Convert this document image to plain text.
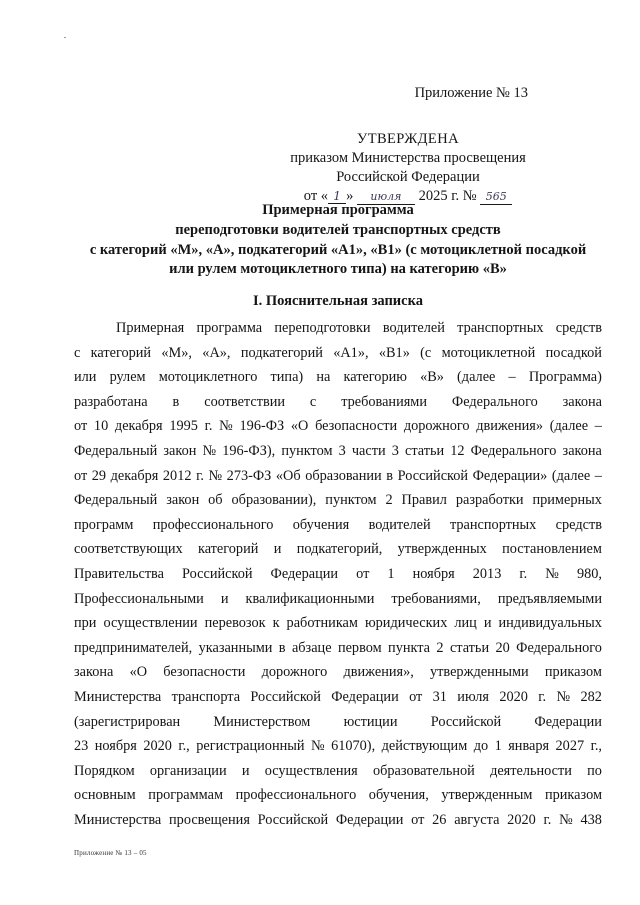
Приложение № 13
УТВЕРЖДЕНА
приказом Министерства просвещения
Российской Федерации
от « 1 » июля 2025 г. № 565
Примерная программа
переподготовки водителей транспортных средств
с категорий «М», «А», подкатегорий «А1», «В1» (с мотоциклетной посадкой
или рулем мотоциклетного типа) на категорию «В»
I. Пояснительная записка
Примерная программа переподготовки водителей транспортных средств
с категорий «М», «А», подкатегорий «А1», «В1» (с мотоциклетной посадкой
или рулем мотоциклетного типа) на категорию «В» (далее – Программа)
разработана в соответствии с требованиями Федерального закона
от 10 декабря 1995 г. № 196-ФЗ «О безопасности дорожного движения» (далее –
Федеральный закон № 196-ФЗ), пунктом 3 части 3 статьи 12 Федерального закона
от 29 декабря 2012 г. № 273-ФЗ «Об образовании в Российской Федерации» (далее –
Федеральный закон об образовании), пунктом 2 Правил разработки примерных
программ профессионального обучения водителей транспортных средств
соответствующих категорий и подкатегорий, утвержденных постановлением
Правительства Российской Федерации от 1 ноября 2013 г. № 980,
Профессиональными и квалификационными требованиями, предъявляемыми
при осуществлении перевозок к работникам юридических лиц и индивидуальных
предпринимателей, указанными в абзаце первом пункта 2 статьи 20 Федерального
закона «О безопасности дорожного движения», утвержденными приказом
Министерства транспорта Российской Федерации от 31 июля 2020 г. № 282
(зарегистрирован Министерством юстиции Российской Федерации
23 ноября 2020 г., регистрационный № 61070), действующим до 1 января 2027 г.,
Порядком организации и осуществления образовательной деятельности по
основным программам профессионального обучения, утвержденным приказом
Министерства просвещения Российской Федерации от 26 августа 2020 г. № 438
Приложение № 13 – 05
